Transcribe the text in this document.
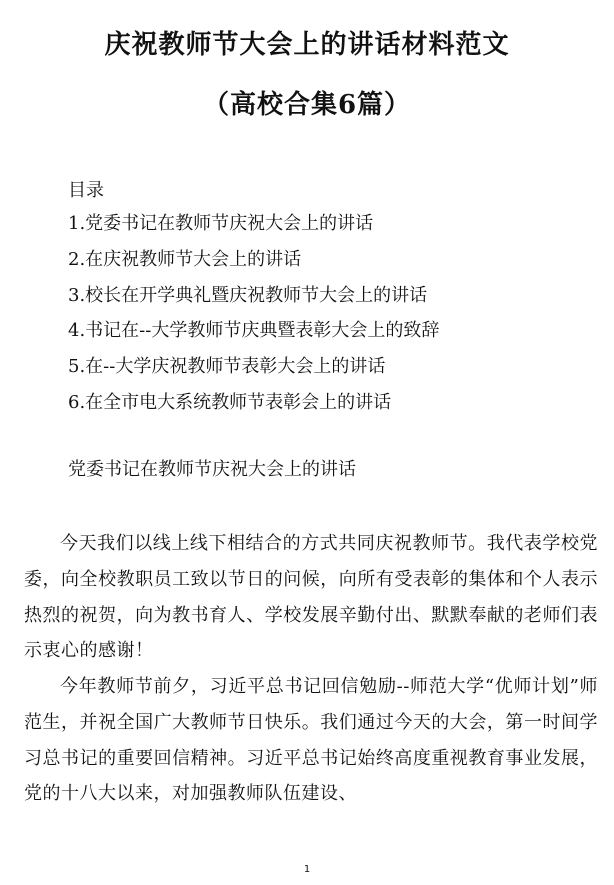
庆祝教师节大会上的讲话材料范文
（高校合集6篇）
目录
1.党委书记在教师节庆祝大会上的讲话
2.在庆祝教师节大会上的讲话
3.校长在开学典礼暨庆祝教师节大会上的讲话
4.书记在--大学教师节庆典暨表彰大会上的致辞
5.在--大学庆祝教师节表彰大会上的讲话
6.在全市电大系统教师节表彰会上的讲话
党委书记在教师节庆祝大会上的讲话

今天我们以线上线下相结合的方式共同庆祝教师节。我代表学校党委，向全校教职员工致以节日的问候，向所有受表彰的集体和个人表示热烈的祝贺，向为教书育人、学校发展辛勤付出、默默奉献的老师们表示衷心的感谢！

今年教师节前夕，习近平总书记回信勉励--师范大学“优师计划”师范生，并祝全国广大教师节日快乐。我们通过今天的大会，第一时间学习总书记的重要回信精神。习近平总书记始终高度重视教育事业发展，党的十八大以来，对加强教师队伍建设、

1
